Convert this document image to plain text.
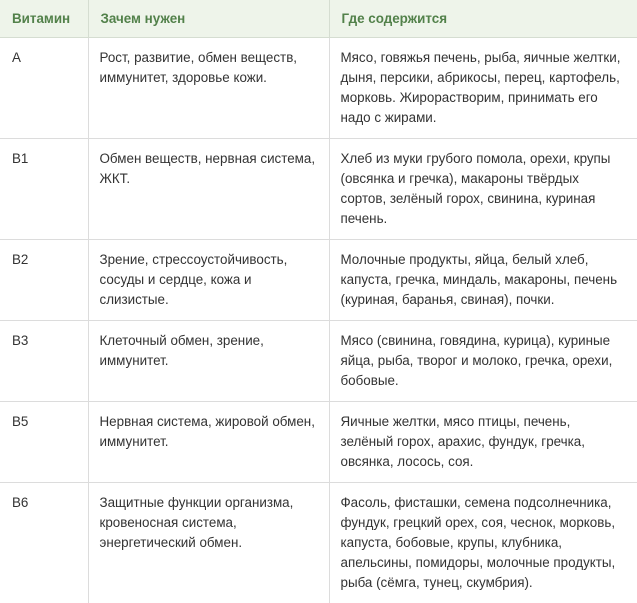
Витамин	Зачем нужен	Где содержится
A	Рост, развитие, обмен веществ, иммунитет, здоровье кожи.	Мясо, говяжья печень, рыба, яичные желтки, дыня, персики, абрикосы, перец, картофель, морковь. Жирорастворим, принимать его надо с жирами.
B1	Обмен веществ, нервная система, ЖКТ.	Хлеб из муки грубого помола, орехи, крупы (овсянка и гречка), макароны твёрдых сортов, зелёный горох, свинина, куриная печень.
B2	Зрение, стрессоустойчивость, сосуды и сердце, кожа и слизистые.	Молочные продукты, яйца, белый хлеб, капуста, гречка, миндаль, макароны, печень (куриная, баранья, свиная), почки.
B3	Клеточный обмен, зрение, иммунитет.	Мясо (свинина, говядина, курица), куриные яйца, рыба, творог и молоко, гречка, орехи, бобовые.
B5	Нервная система, жировой обмен, иммунитет.	Яичные желтки, мясо птицы, печень, зелёный горох, арахис, фундук, гречка, овсянка, лосось, соя.
B6	Защитные функции организма, кровеносная система, энергетический обмен.	Фасоль, фисташки, семена подсолнечника, фундук, грецкий орех, соя, чеснок, морковь, капуста, бобовые, крупы, клубника, апельсины, помидоры, молочные продукты, рыба (сёмга, тунец, скумбрия).
